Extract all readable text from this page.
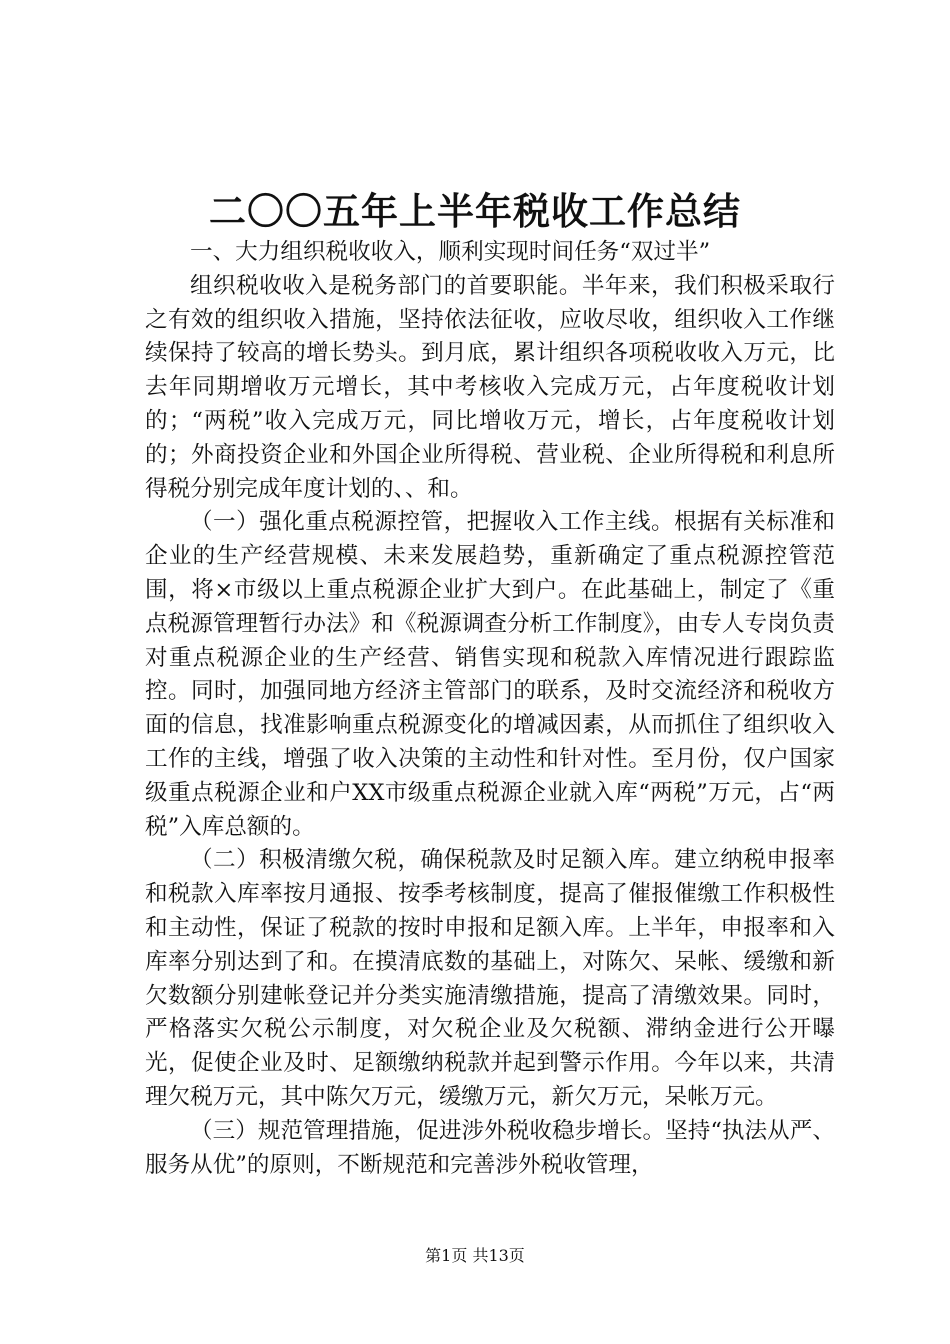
二〇〇五年上半年税收工作总结

一、大力组织税收收入，顺利实现时间任务“双过半”

组织税收收入是税务部门的首要职能。半年来，我们积极采取行之有效的组织收入措施，坚持依法征收，应收尽收，组织收入工作继续保持了较高的增长势头。到月底，累计组织各项税收收入万元，比去年同期增收万元增长，其中考核收入完成万元，占年度税收计划的；“两税”收入完成万元，同比增收万元，增长，占年度税收计划的；外商投资企业和外国企业所得税、营业税、企业所得税和利息所得税分别完成年度计划的、、和。

（一）强化重点税源控管，把握收入工作主线。根据有关标准和企业的生产经营规模、未来发展趋势，重新确定了重点税源控管范围，将×市级以上重点税源企业扩大到户。在此基础上，制定了《重点税源管理暂行办法》和《税源调查分析工作制度》，由专人专岗负责对重点税源企业的生产经营、销售实现和税款入库情况进行跟踪监控。同时，加强同地方经济主管部门的联系，及时交流经济和税收方面的信息，找准影响重点税源变化的增减因素，从而抓住了组织收入工作的主线，增强了收入决策的主动性和针对性。至月份，仅户国家级重点税源企业和户XX市级重点税源企业就入库“两税”万元，占“两税”入库总额的。

（二）积极清缴欠税，确保税款及时足额入库。建立纳税申报率和税款入库率按月通报、按季考核制度，提高了催报催缴工作积极性和主动性，保证了税款的按时申报和足额入库。上半年，申报率和入库率分别达到了和。在摸清底数的基础上，对陈欠、呆帐、缓缴和新欠数额分别建帐登记并分类实施清缴措施，提高了清缴效果。同时，严格落实欠税公示制度，对欠税企业及欠税额、滞纳金进行公开曝光，促使企业及时、足额缴纳税款并起到警示作用。今年以来，共清理欠税万元，其中陈欠万元，缓缴万元，新欠万元，呆帐万元。

（三）规范管理措施，促进涉外税收稳步增长。坚持“执法从严、服务从优”的原则，不断规范和完善涉外税收管理，

第1页 共13页
